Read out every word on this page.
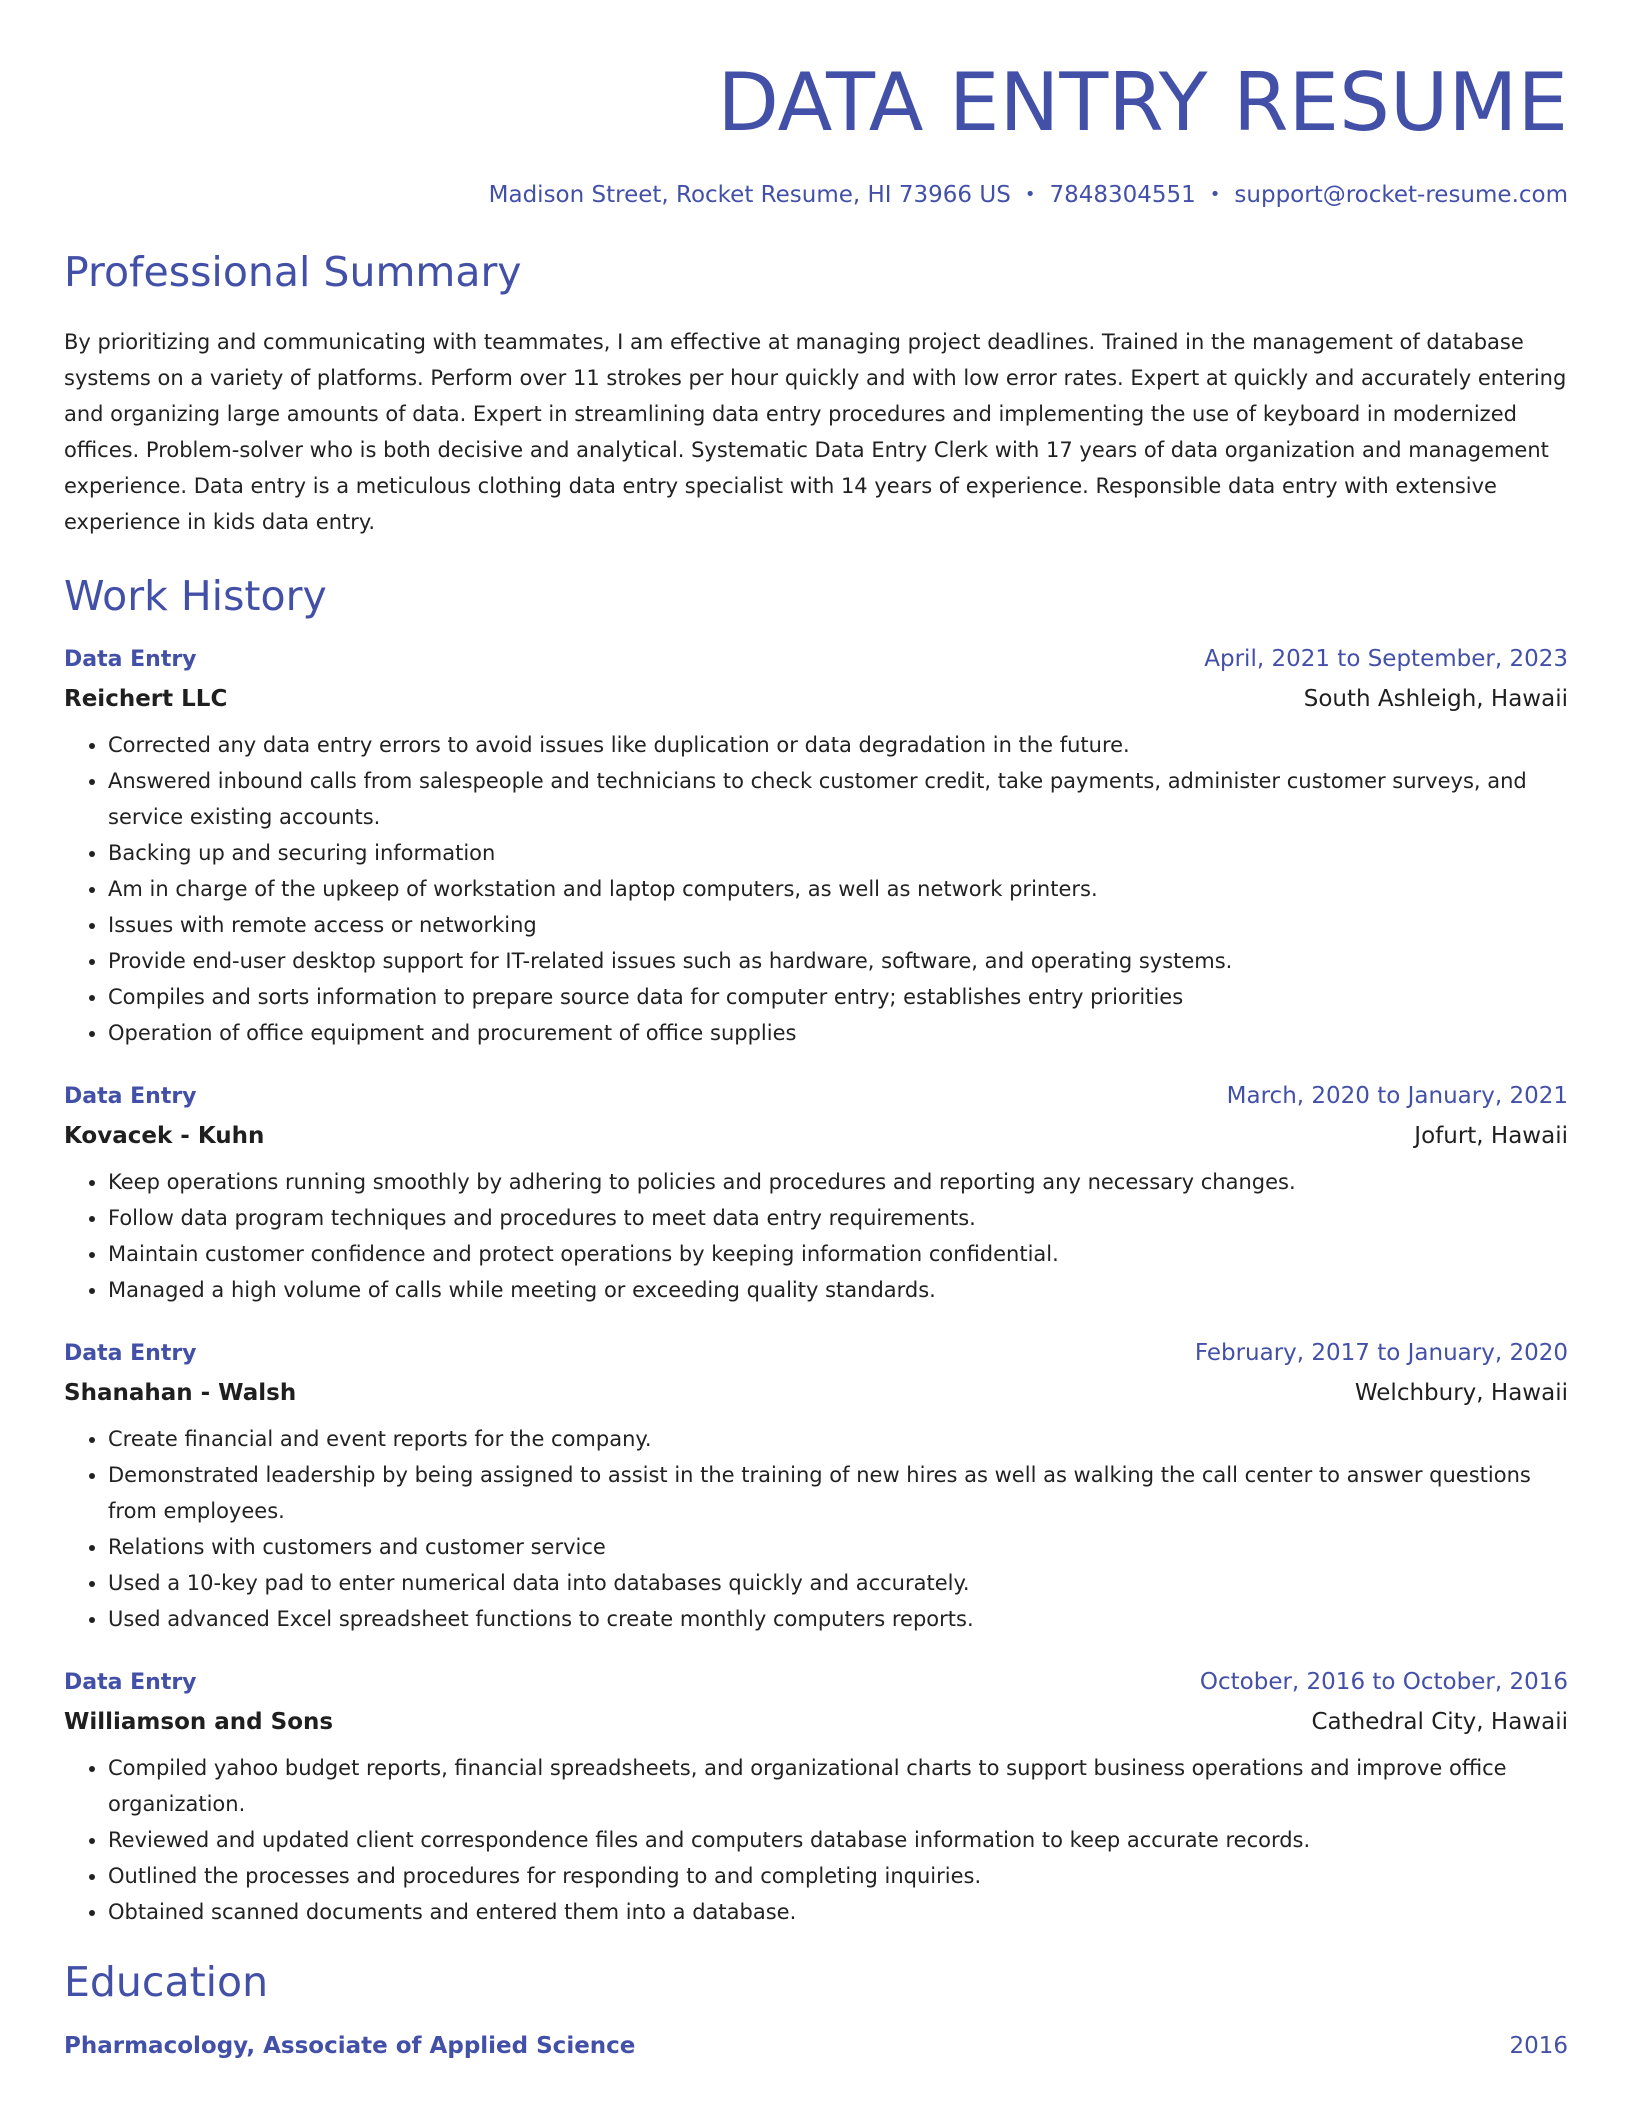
DATA ENTRY RESUME
Madison Street, Rocket Resume, HI 73966 US • 7848304551 • support@rocket-resume.com
Professional Summary

By prioritizing and communicating with teammates, I am effective at managing project deadlines. Trained in the management of database systems on a variety of platforms. Perform over 11 strokes per hour quickly and with low error rates. Expert at quickly and accurately entering and organizing large amounts of data. Expert in streamlining data entry procedures and implementing the use of keyboard in modernized offices. Problem-solver who is both decisive and analytical. Systematic Data Entry Clerk with 17 years of data organization and management experience. Data entry is a meticulous clothing data entry specialist with 14 years of experience. Responsible data entry with extensive experience in kids data entry.

Work History
Data Entry	April, 2021 to September, 2023
Reichert LLC	South Ashleigh, Hawaii
• Corrected any data entry errors to avoid issues like duplication or data degradation in the future.
• Answered inbound calls from salespeople and technicians to check customer credit, take payments, administer customer surveys, and service existing accounts.
• Backing up and securing information
• Am in charge of the upkeep of workstation and laptop computers, as well as network printers.
• Issues with remote access or networking
• Provide end-user desktop support for IT-related issues such as hardware, software, and operating systems.
• Compiles and sorts information to prepare source data for computer entry; establishes entry priorities
• Operation of office equipment and procurement of office supplies
Data Entry	March, 2020 to January, 2021
Kovacek - Kuhn	Jofurt, Hawaii
• Keep operations running smoothly by adhering to policies and procedures and reporting any necessary changes.
• Follow data program techniques and procedures to meet data entry requirements.
• Maintain customer confidence and protect operations by keeping information confidential.
• Managed a high volume of calls while meeting or exceeding quality standards.
Data Entry	February, 2017 to January, 2020
Shanahan - Walsh	Welchbury, Hawaii
• Create financial and event reports for the company.
• Demonstrated leadership by being assigned to assist in the training of new hires as well as walking the call center to answer questions from employees.
• Relations with customers and customer service
• Used a 10-key pad to enter numerical data into databases quickly and accurately.
• Used advanced Excel spreadsheet functions to create monthly computers reports.
Data Entry	October, 2016 to October, 2016
Williamson and Sons	Cathedral City, Hawaii
• Compiled yahoo budget reports, financial spreadsheets, and organizational charts to support business operations and improve office organization.
• Reviewed and updated client correspondence files and computers database information to keep accurate records.
• Outlined the processes and procedures for responding to and completing inquiries.
• Obtained scanned documents and entered them into a database.
Education
Pharmacology, Associate of Applied Science	2016
